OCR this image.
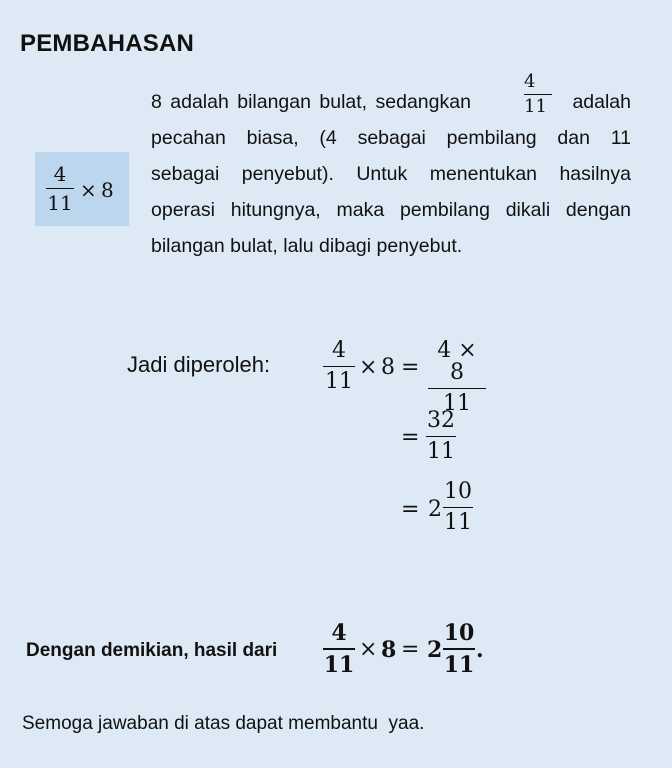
PEMBAHASAN
4
11
× 8
8 adalah bilangan bulat, sedangkan
4
11 adalah
pecahan biasa, (4 sebagai pembilang dan 11
sebagai penyebut). Untuk menentukan hasilnya
operasi hitungnya, maka pembilang dikali dengan
bilangan bulat, lalu dibagi penyebut.
Jadi diperoleh:
4
11
× 8 =
4 × 8
11
=
32
11
= 2
10
11
Dengan demikian, hasil dari
4
11
× 8 = 2
10
11
.
Semoga jawaban di atas dapat membantu  yaa.
